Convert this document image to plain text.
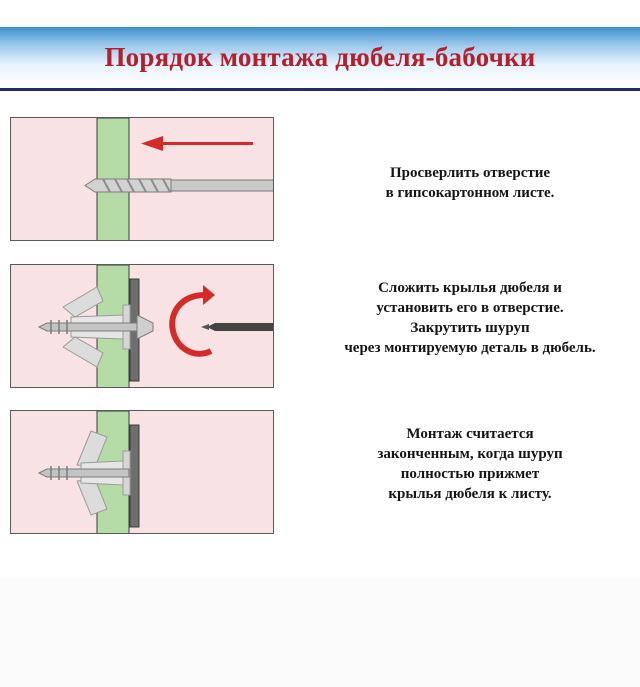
Порядок монтажа дюбеля-бабочки
Просверлить отверстие
в гипсокартонном листе.
Сложить крылья дюбеля и
установить его в отверстие.
Закрутить шуруп
через монтируемую деталь в дюбель.
Монтаж считается
законченным, когда шуруп
полностью прижмет
крылья дюбеля к листу.
